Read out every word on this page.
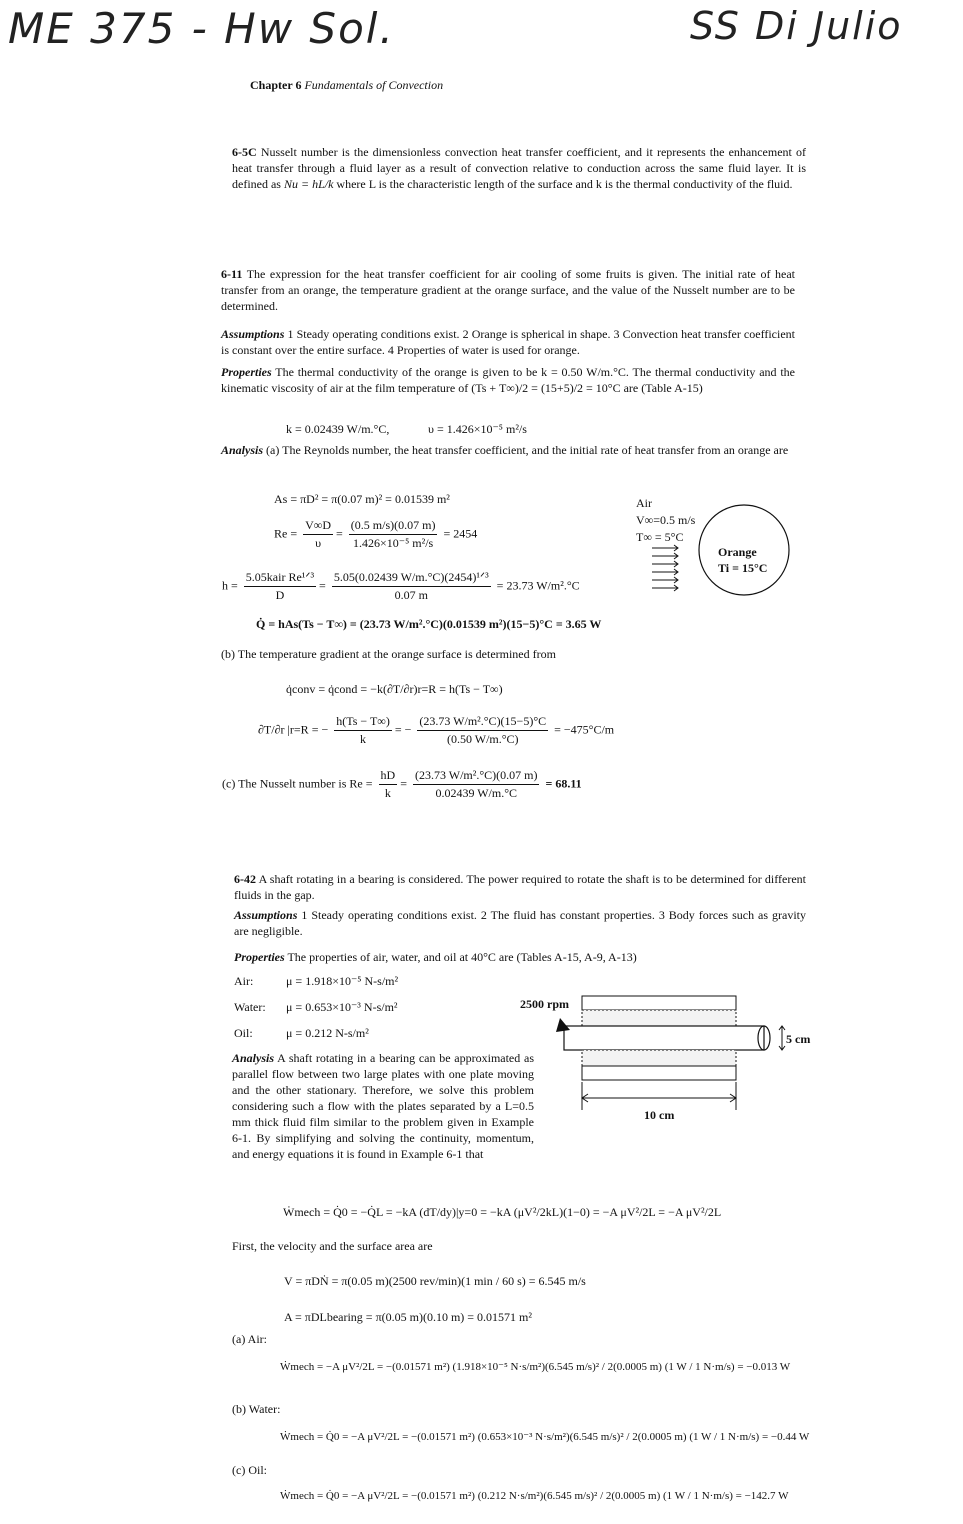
ME 375 - Hw Sol.	SS Di Julio
Chapter 6 Fundamentals of Convection
6-5C Nusselt number is the dimensionless convection heat transfer coefficient, and it represents the enhancement of heat transfer through a fluid layer as a result of convection relative to conduction across the same fluid layer. It is defined as Nu = hL/k where L is the characteristic length of the surface and k is the thermal conductivity of the fluid.
6-11 The expression for the heat transfer coefficient for air cooling of some fruits is given. The initial rate of heat transfer from an orange, the temperature gradient at the orange surface, and the value of the Nusselt number are to be determined.
Assumptions 1 Steady operating conditions exist. 2 Orange is spherical in shape. 3 Convection heat transfer coefficient is constant over the entire surface. 4 Properties of water is used for orange.
Properties The thermal conductivity of the orange is given to be k = 0.50 W/m.°C. The thermal conductivity and the kinematic viscosity of air at the film temperature of (Ts + T∞)/2 = (15+5)/2 = 10°C are (Table A-15)
k = 0.02439 W/m.°C,	υ = 1.426×10⁻⁵ m²/s
Analysis (a) The Reynolds number, the heat transfer coefficient, and the initial rate of heat transfer from an orange are
As = πD² = π(0.07 m)² = 0.01539 m²
$Re = \frac{V\infty D}{\upsilon} = \frac{(0.5 m/s)(0.07 m)}{\text{1.426×10⁻⁵ m²/s}} = 2454$
$h = \frac{\text{5.05kair Re¹ᐟ³}}{D} = \frac{\text{5.05(0.02439 W/m.°C)(2454)¹ᐟ³}}{0.07 m} = 23.73$ W/m².°C
Q̇ = hAs(Ts − T∞) = (23.73 W/m².°C)(0.01539 m²)(15−5)°C = 3.65 W
(b) The temperature gradient at the orange surface is determined from
q̇conv = q̇cond = −k(∂T/∂r)r=R = h(Ts − T∞)
∂T/∂r |r=R = − $\frac{h(Ts - T\infty)}{k}$ = − $\frac{\text{(23.73 W/m².°C)(15−5)°C}}{(0.50 W/m.^\circ C)} = -475^\circ C/m$
(c) The Nusselt number is $Re = \frac{hD}{k} = \frac{\text{(23.73 W/m².°C)(0.07 m)}}{0.02439 W/m.^\circ C} = 68.11$
Air
V∞=0.5 m/s
T∞ = 5°C
Orange
Ti = 15°C
6-42 A shaft rotating in a bearing is considered. The power required to rotate the shaft is to be determined for different fluids in the gap.
Assumptions 1 Steady operating conditions exist. 2 The fluid has constant properties. 3 Body forces such as gravity are negligible.
Properties The properties of air, water, and oil at 40°C are (Tables A-15, A-9, A-13)
Air:	μ = 1.918×10⁻⁵ N-s/m²
Water: μ = 0.653×10⁻³ N-s/m²
Oil:	μ = 0.212 N-s/m²
Analysis A shaft rotating in a bearing can be approximated as parallel flow between two large plates with one plate moving and the other stationary. Therefore, we solve this problem considering such a flow with the plates separated by a L=0.5 mm thick fluid film similar to the problem given in Example 6-1. By simplifying and solving the continuity, momentum, and energy equations it is found in Example 6-1 that
2500 rpm
5 cm
10 cm
Ẇmech = Q̇0 = −Q̇L = −kA (dT/dy)|y=0 = −kA (μV²/2kL)(1−0) = −A μV²/2L = −A μV²/2L
First, the velocity and the surface area are
V = πDṄ = π(0.05 m)(2500 rev/min)(1 min / 60 s) = 6.545 m/s
A = πDLbearing = π(0.05 m)(0.10 m) = 0.01571 m²
(a) Air:
Ẇmech = −A μV²/2L = −(0.01571 m²) (1.918×10⁻⁵ N·s/m²)(6.545 m/s)² / 2(0.0005 m) (1 W / 1 N·m/s) = −0.013 W
(b) Water:
Ẇmech = Q̇0 = −A μV²/2L = −(0.01571 m²) (0.653×10⁻³ N·s/m²)(6.545 m/s)² / 2(0.0005 m) (1 W / 1 N·m/s) = −0.44 W
(c) Oil:
Ẇmech = Q̇0 = −A μV²/2L = −(0.01571 m²) (0.212 N·s/m²)(6.545 m/s)² / 2(0.0005 m) (1 W / 1 N·m/s) = −142.7 W
